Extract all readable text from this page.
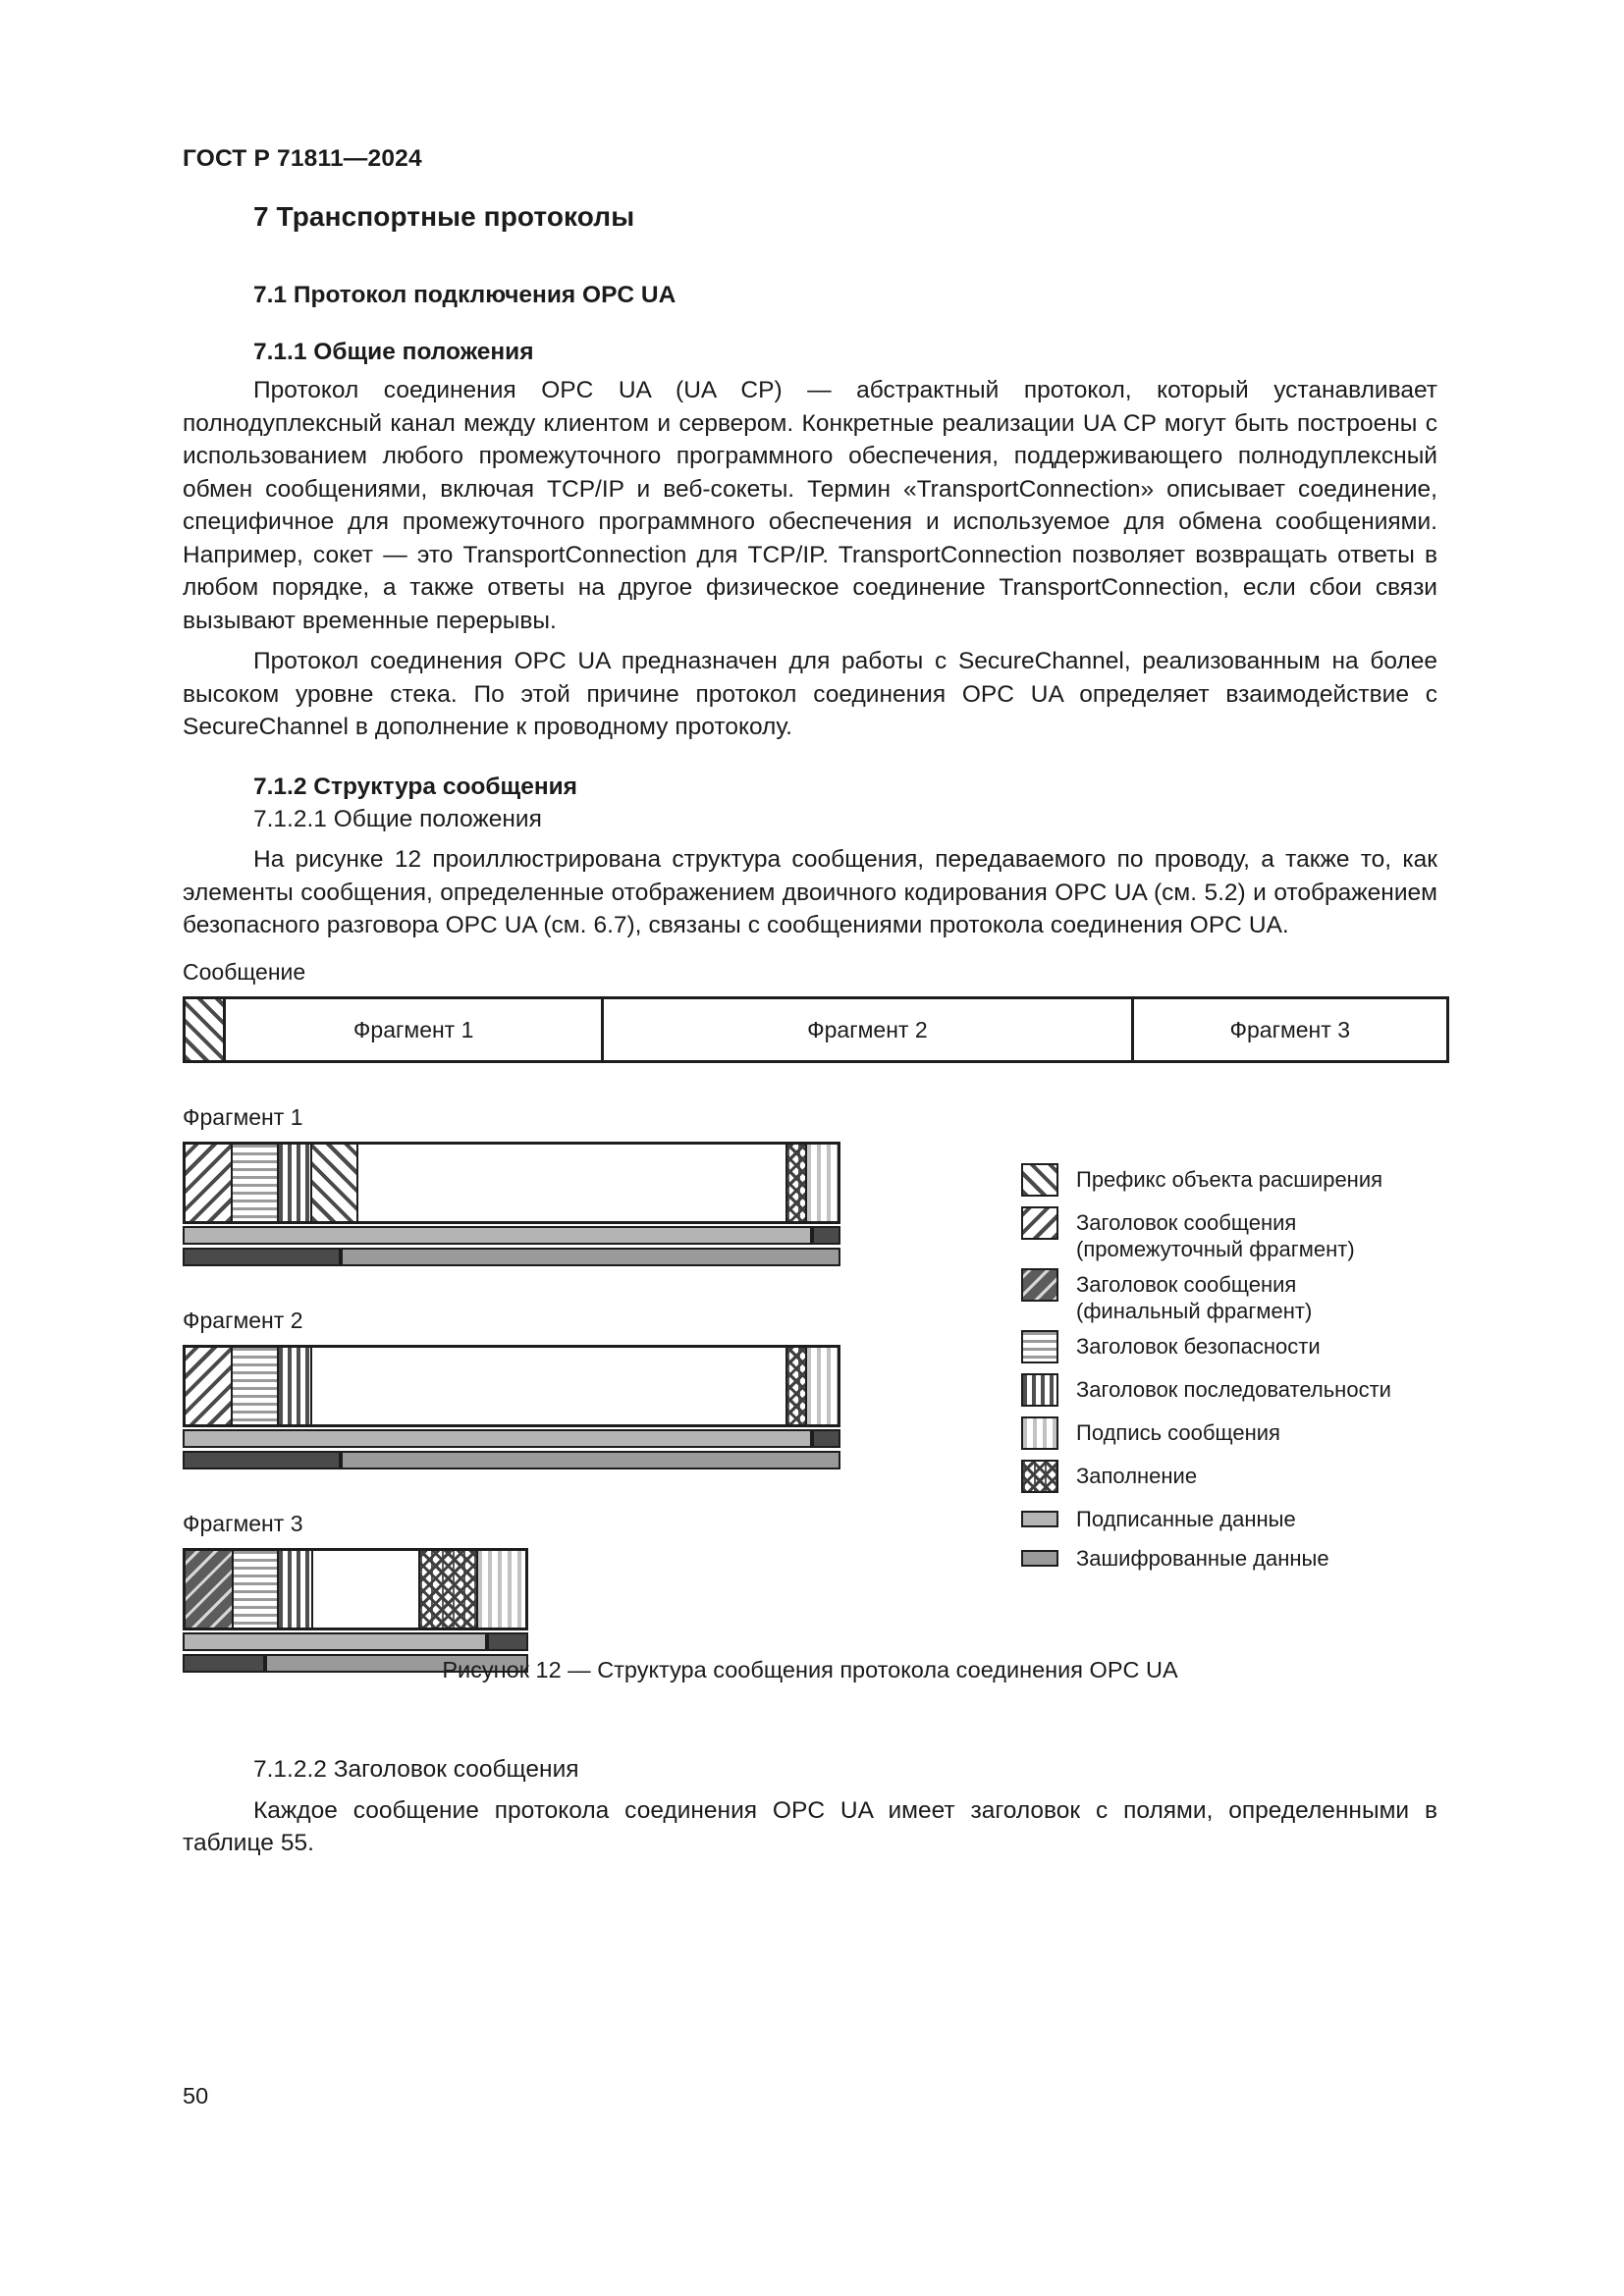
ГОСТ Р 71811—2024
7 Транспортные протоколы
7.1 Протокол подключения OPC UA
7.1.1 Общие положения

Протокол соединения OPC UA (UA CP) — абстрактный протокол, который устанавливает полнодуплексный канал между клиентом и сервером. Конкретные реализации UA CP могут быть построены с использованием любого промежуточного программного обеспечения, поддерживающего полнодуплексный обмен сообщениями, включая TCP/IP и веб-сокеты. Термин «TransportConnection» описывает соединение, специфичное для промежуточного программного обеспечения и используемое для обмена сообщениями. Например, сокет — это TransportConnection для TCP/IP. TransportConnection позволяет возвращать ответы в любом порядке, а также ответы на другое физическое соединение TransportConnection, если сбои связи вызывают временные перерывы.

Протокол соединения OPC UA предназначен для работы с SecureChannel, реализованным на более высоком уровне стека. По этой причине протокол соединения OPC UA определяет взаимодействие с SecureChannel в дополнение к проводному протоколу.

7.1.2 Структура сообщения

7.1.2.1 Общие положения

На рисунке 12 проиллюстрирована структура сообщения, передаваемого по проводу, а также то, как элементы сообщения, определенные отображением двоичного кодирования OPC UA (см. 5.2) и отображением безопасного разговора OPC UA (см. 6.7), связаны с сообщениями протокола соединения OPC UA.

Сообщение

Фрагмент 1	Фрагмент 2	Фрагмент 3

Фрагмент 1

Фрагмент 2

Фрагмент 3

Префикс объекта расширения
Заголовок сообщения
(промежуточный фрагмент)
Заголовок сообщения
(финальный фрагмент)
Заголовок безопасности
Заголовок последовательности
Подпись сообщения
Заполнение
Подписанные данные
Зашифрованные данные
Рисунок 12 — Структура сообщения протокола соединения OPC UA

7.1.2.2 Заголовок сообщения

Каждое сообщение протокола соединения OPC UA имеет заголовок с полями, определенными в таблице 55.

50
